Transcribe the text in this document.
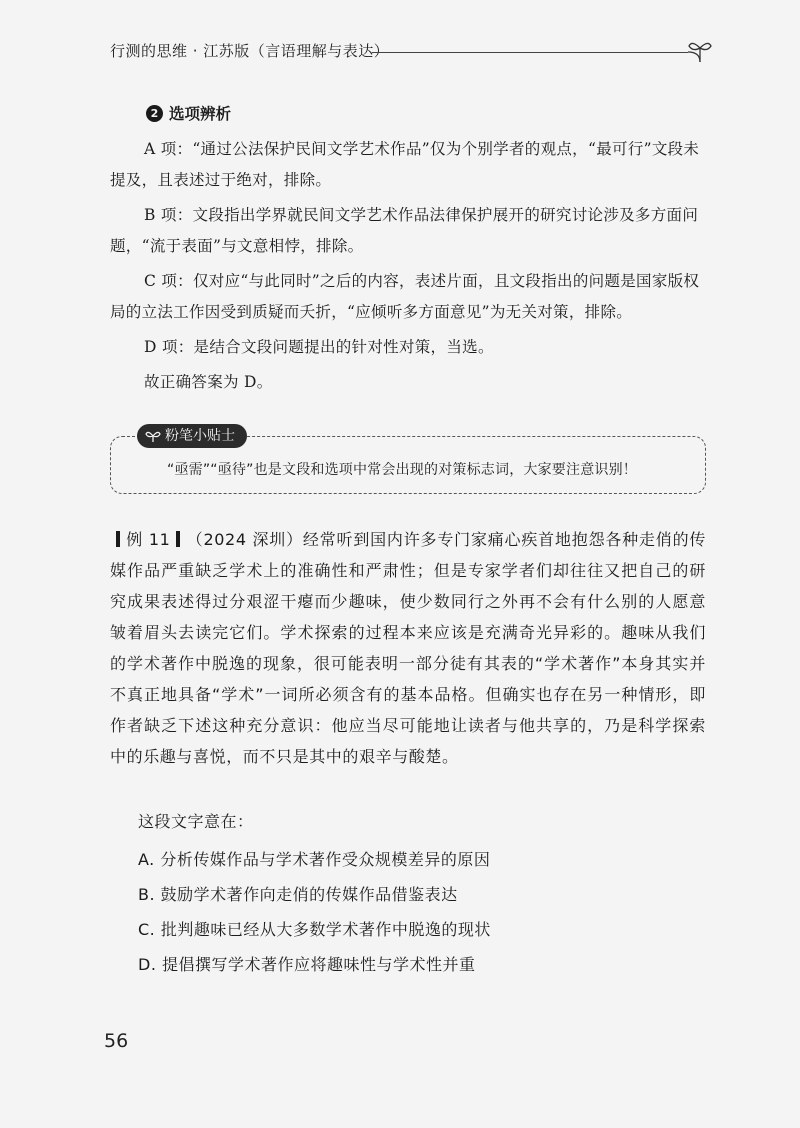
行测的思维 · 江苏版（言语理解与表达）
2 选项辨析

A 项：“通过公法保护民间文学艺术作品”仅为个别学者的观点，“最可行”文段未提及，且表述过于绝对，排除。

B 项：文段指出学界就民间文学艺术作品法律保护展开的研究讨论涉及多方面问题，“流于表面”与文意相悖，排除。

C 项：仅对应“与此同时”之后的内容，表述片面，且文段指出的问题是国家版权局的立法工作因受到质疑而夭折，“应倾听多方面意见”为无关对策，排除。

D 项：是结合文段问题提出的针对性对策，当选。

故正确答案为 D。

粉笔小贴士
“亟需”“亟待”也是文段和选项中常会出现的对策标志词，大家要注意识别！

例 11 （2024 深圳）经常听到国内许多专门家痛心疾首地抱怨各种走俏的传媒作品严重缺乏学术上的准确性和严肃性；但是专家学者们却往往又把自己的研究成果表述得过分艰涩干瘪而少趣味，使少数同行之外再不会有什么别的人愿意皱着眉头去读完它们。学术探索的过程本来应该是充满奇光异彩的。趣味从我们的学术著作中脱逸的现象，很可能表明一部分徒有其表的“学术著作”本身其实并不真正地具备“学术”一词所必须含有的基本品格。但确实也存在另一种情形，即作者缺乏下述这种充分意识：他应当尽可能地让读者与他共享的，乃是科学探索中的乐趣与喜悦，而不只是其中的艰辛与酸楚。

这段文字意在：
A. 分析传媒作品与学术著作受众规模差异的原因
B. 鼓励学术著作向走俏的传媒作品借鉴表达
C. 批判趣味已经从大多数学术著作中脱逸的现状
D. 提倡撰写学术著作应将趣味性与学术性并重
56
